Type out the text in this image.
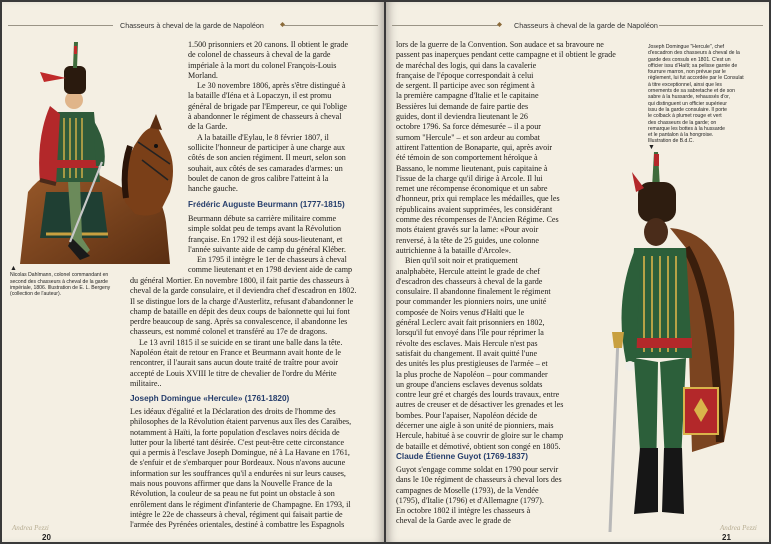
Chasseurs à cheval de la garde de Napoléon
▲
Nicolas Dahlmann, colonel commandant en
second des chasseurs à cheval de la garde
impériale, 1806. Illustration de E. L. Bergeny
(collection de l'auteur).

1.500 prisonniers et 20 canons. Il obtient le grade

de colonel de chasseurs à cheval de la garde

impériale à la mort du colonel François-Louis

Morland.

Le 30 novembre 1806, après s'être distingué à

la bataille d'Iéna et à Lopaczyn, il est promu

général de brigade par l'Empereur, ce qui l'oblige

à abandonner le régiment de chasseurs à cheval

de la Garde.

A la bataille d'Eylau, le 8 février 1807, il

sollicite l'honneur de participer à une charge aux

côtés de son ancien régiment. Il meurt, selon son

souhait, aux côtés de ses camarades d'armes: un

boulet de canon de gros calibre l'atteint à la

hanche gauche.

Frédéric Auguste Beurmann (1777-1815)

Beurmann débute sa carrière militaire comme

simple soldat peu de temps avant la Révolution

française. En 1792 il est déjà sous-lieutenant, et

l'année suivante aide de camp du général Kléber.

En 1795 il intègre le 1er de chasseurs à cheval

comme lieutenant et en 1798 devient aide de camp

du général Mortier. En novembre 1800, il fait partie des chasseurs à

cheval de la garde consulaire, et il deviendra chef d'escadron en 1802.

Il se distingue lors de la charge d'Austerlitz, refusant d'abandonner le

champ de bataille en dépit des deux coups de baïonnette qui lui font

perdre beaucoup de sang. Après sa convalescence, il abandonne les

chasseurs, est nommé colonel et transféré au 17e de dragons.

Le 13 avril 1815 il se suicide en se tirant une balle dans la tête.

Napoléon était de retour en France et Beurmann avait honte de le

rencontrer, il l'aurait sans aucun doute traité de traître pour avoir

accepté de Louis XVIII le titre de chevalier de l'ordre du Mérite

militaire..

Joseph Domingue «Hercule» (1761-1820)

Les idéaux d'égalité et la Déclaration des droits de l'homme des

philosophes de la Révolution étaient parvenus aux îles des Caraïbes,

notamment à Haïti, la forte population d'esclaves noirs décida de

lutter pour la liberté tant désirée. C'est peut-être cette circonstance

qui a permis à l'esclave Joseph Domingue, né à La Havane en 1761,

de s'enfuir et de s'embarquer pour Bordeaux. Nous n'avons aucune

information sur les souffrances qu'il a endurées ni sur leurs causes,

mais nous pouvons affirmer que dans la Nouvelle France de la

Révolution, la couleur de sa peau ne fut point un obstacle à son

enrôlement dans le régiment d'infanterie de Champagne. En 1793, il

intègre le 22e de chasseurs à cheval, régiment qui faisait partie de

l'armée des Pyrénées orientales, destiné à combattre les Espagnols

Andrea Pezzi
20
Chasseurs à cheval de la garde de Napoléon

lors de la guerre de la Convention. Son audace et sa bravoure ne

passent pas inaperçues pendant cette campagne et il obtient le grade

de maréchal des logis, qui dans la cavalerie

française de l'époque correspondait à celui

de sergent. Il participe avec son régiment à

la première campagne d'Italie et le capitaine

Bessières lui demande de faire partie des

guides, dont il deviendra lieutenant le 26

octobre 1796. Sa force démesurée – il a pour

surnom "Hercule" – et son ardeur au combat

attirent l'attention de Bonaparte, qui, après avoir

été témoin de son comportement héroïque à

Bassano, le nomme lieutenant, puis capitaine à

l'issue de la charge qu'il dirige à Arcole. Il lui

remet une récompense économique et un sabre

d'honneur, prix qui remplace les médailles, que les

républicains avaient supprimées, les considérant

comme des récompenses de l'Ancien Régime. Ces

mots étaient gravés sur la lame: «Pour avoir

renversé, à la tête de 25 guides, une colonne

autrichienne à la bataille d'Arcole».

Bien qu'il soit noir et pratiquement

analphabète, Hercule atteint le grade de chef

d'escadron des chasseurs à cheval de la garde

consulaire. Il abandonne finalement le régiment

pour commander les pionniers noirs, une unité

composée de Noirs venus d'Haïti que le

général Leclerc avait fait prisonniers en 1802,

lorsqu'il fut envoyé dans l'île pour réprimer la

révolte des esclaves. Mais Hercule n'est pas

satisfait du changement. Il avait quitté l'une

des unités les plus prestigieuses de l'armée – et

la plus proche de Napoléon – pour commander

un groupe d'anciens esclaves devenus soldats

contre leur gré et chargés des lourds travaux, entre

autres de creuser et de désactiver les grenades et les

bombes. Pour l'apaiser, Napoléon décide de

décerner une aigle à son unité de pionniers, mais

Hercule, habitué à se couvrir de gloire sur le champ

de bataille et démotivé, obtient son congé en 1805.

Claude Étienne Guyot (1769-1837)

Guyot s'engage comme soldat en 1790 pour servir

dans le 10e régiment de chasseurs à cheval lors des

campagnes de Moselle (1793), de la Vendée

(1795), d'Italie (1796) et d'Allemagne (1797).

En octobre 1802 il intègre les chasseurs à

cheval de la Garde avec le grade de

Joseph Domingue "Hercule", chef
d'escadron des chasseurs à cheval de la
garde des consuls en 1801. C'est un
officier issu d'Haïti; sa pelisse garnie de
fourrure marron, non prévue par le
règlement, lui fut accordée par le Consulat
à titre exceptionnel, ainsi que les
ornements de sa sabretache et de son
sabre à la hussarde, rehaussés d'or,
qui distinguent un officier supérieur
issu de la garde consulaire. Il porte
le colback à plumet rouge et vert
des chasseurs de la garde; on
remarque les bottes à la hussarde
et le pantalon à la hongroise.
Illustration de B.d.C.
▼
Andrea Pezzi
21
